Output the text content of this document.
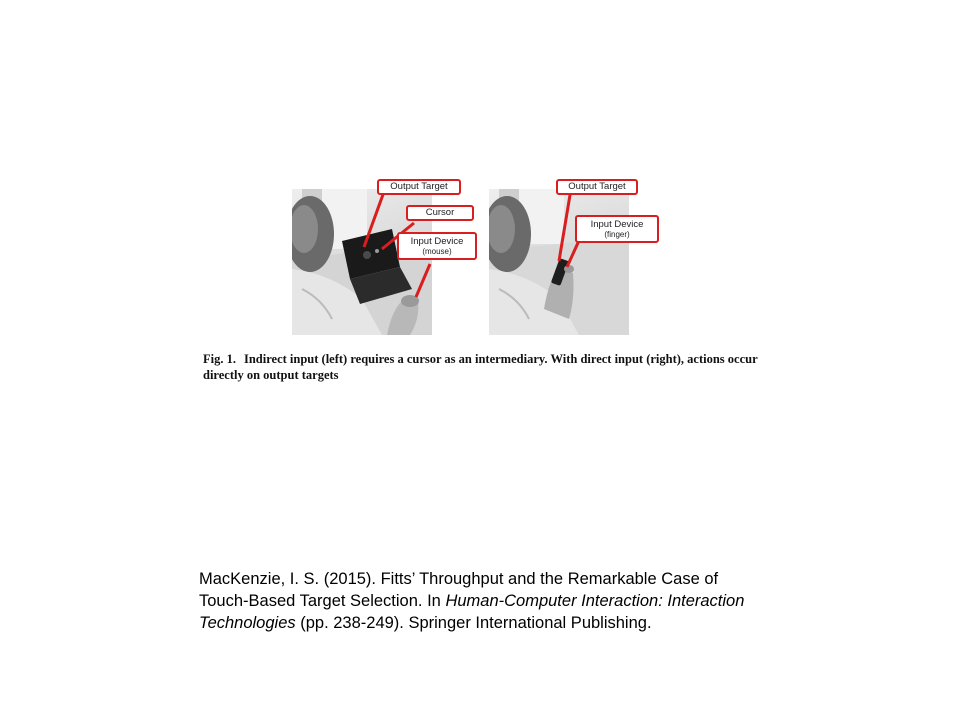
Output Target
Cursor
Input Device
(mouse)
Output Target
Input Device
(finger)
Fig. 1. Indirect input (left) requires a cursor as an intermediary. With direct input (right), actions occur directly on output targets
MacKenzie, I. S. (2015). Fitts’ Throughput and the Remarkable Case of Touch-Based Target Selection. In Human-Computer Interaction: Interaction Technologies (pp. 238-249). Springer International Publishing.
